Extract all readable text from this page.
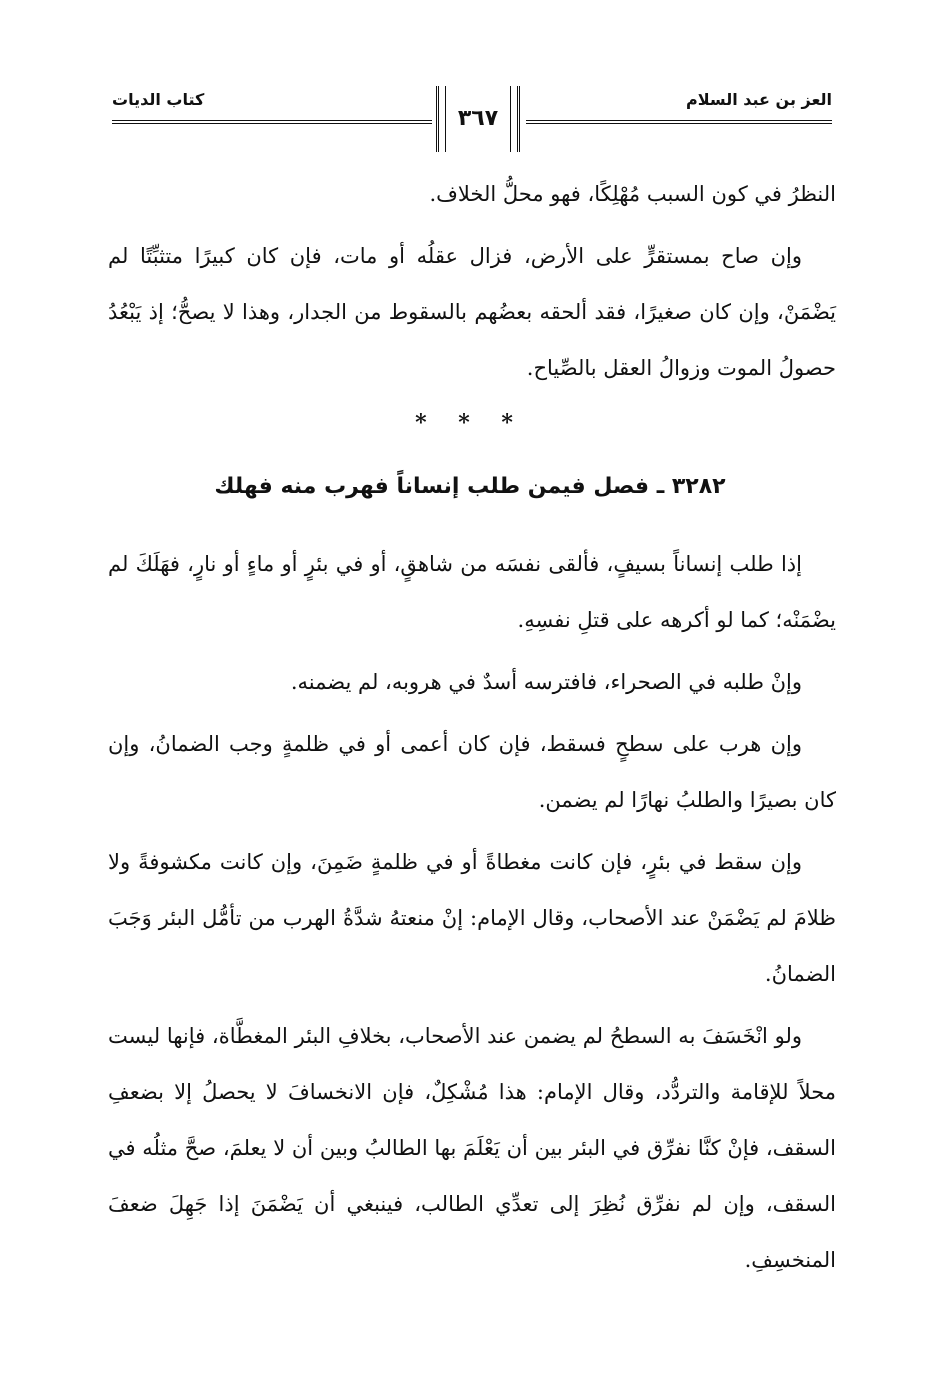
العز بن عبد السلام
كتاب الديات
٣٦٧

النظرُ في كون السبب مُهْلِكًا، فهو محلُّ الخلاف.

وإن صاح بمستقرٍّ على الأرض، فزال عقلُه أو مات، فإن كان كبيرًا متثبِّتًا لم يَضْمَنْ، وإن كان صغيرًا، فقد ألحقه بعضُهم بالسقوط من الجدار، وهذا لا يصحُّ؛ إذ يَبْعُدُ حصولُ الموت وزوالُ العقل بالصِّياح.

* * *
٣٢٨٢ ـ فصل فيمن طلب إنساناً فهرب منه فهلك

إذا طلب إنساناً بسيفٍ، فألقى نفسَه من شاهقٍ، أو في بئرٍ أو ماءٍ أو نارٍ، فهَلَكَ لم يضْمَنْه؛ كما لو أكرهه على قتلِ نفسِهِ.

وإنْ طلبه في الصحراء، فافترسه أسدٌ في هروبه، لم يضمنه.

وإن هرب على سطحٍ فسقط، فإن كان أعمى أو في ظلمةٍ وجب الضمانُ، وإن كان بصيرًا والطلبُ نهارًا لم يضمن.

وإن سقط في بئرٍ، فإن كانت مغطاةً أو في ظلمةٍ ضَمِنَ، وإن كانت مكشوفةً ولا ظلامَ لم يَضْمَنْ عند الأصحاب، وقال الإمام: إنْ منعتهُ شدَّةُ الهرب من تأمُّل البئر وَجَبَ الضمانُ.

ولو انْخَسَفَ به السطحُ لم يضمن عند الأصحاب، بخلافِ البئر المغطَّاة، فإنها ليست محلاً للإقامة والتردُّد، وقال الإمام: هذا مُشْكِلٌ، فإن الانخسافَ لا يحصلُ إلا بضعفِ السقف، فإنْ كنَّا نفرِّق في البئر بين أن يَعْلَمَ بها الطالبُ وبين أن لا يعلمَ، صحَّ مثلُه في السقف، وإن لم نفرِّق نُظِرَ إلى تعدِّي الطالب، فينبغي أن يَضْمَنَ إذا جَهِلَ ضعفَ المنخسِفِ.
